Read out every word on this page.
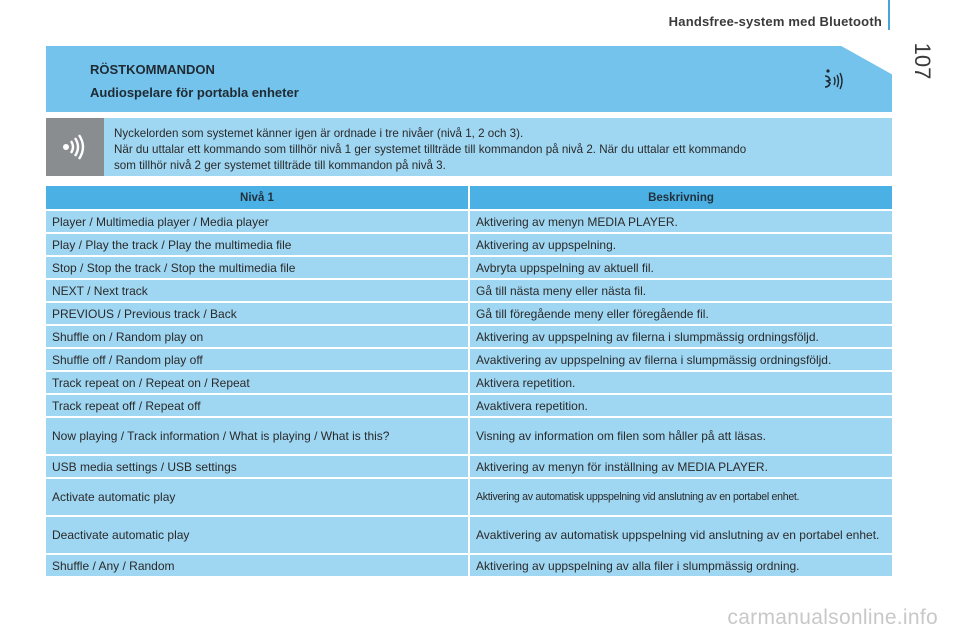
Handsfree-system med Bluetooth
107
RÖSTKOMMANDON
Audiospelare för portabla enheter
Nyckelorden som systemet känner igen är ordnade i tre nivåer (nivå 1, 2 och 3).
När du uttalar ett kommando som tillhör nivå 1 ger systemet tillträde till kommandon på nivå 2. När du uttalar ett kommando
som tillhör nivå 2 ger systemet tillträde till kommandon på nivå 3.
Nivå 1	Beskrivning
Player / Multimedia player / Media player	Aktivering av menyn MEDIA PLAYER.
Play / Play the track / Play the multimedia file	Aktivering av uppspelning.
Stop / Stop the track / Stop the multimedia file	Avbryta uppspelning av aktuell fil.
NEXT / Next track	Gå till nästa meny eller nästa fil.
PREVIOUS / Previous track / Back	Gå till föregående meny eller föregående fil.
Shuffle on / Random play on	Aktivering av uppspelning av filerna i slumpmässig ordningsföljd.
Shuffle off / Random play off	Avaktivering av uppspelning av filerna i slumpmässig ordningsföljd.
Track repeat on / Repeat on / Repeat	Aktivera repetition.
Track repeat off / Repeat off	Avaktivera repetition.
Now playing / Track information / What is playing / What is this?	Visning av information om filen som håller på att läsas.
USB media settings / USB settings	Aktivering av menyn för inställning av MEDIA PLAYER.
Activate automatic play	Aktivering av automatisk uppspelning vid anslutning av en portabel enhet.
Deactivate automatic play	Avaktivering av automatisk uppspelning vid anslutning av en portabel enhet.
Shuffle / Any / Random	Aktivering av uppspelning av alla filer i slumpmässig ordning.
carmanualsonline.info
